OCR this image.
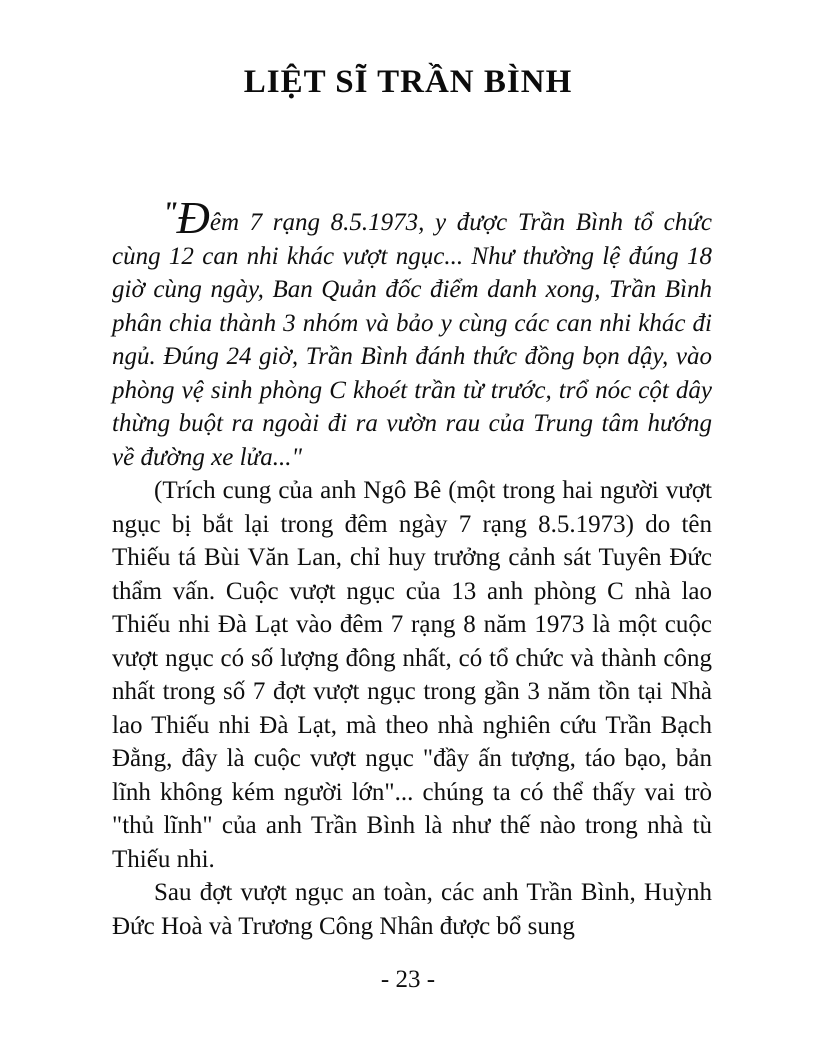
LIỆT SĨ TRẦN BÌNH

"Đêm 7 rạng 8.5.1973, y được Trần Bình tổ chức cùng 12 can nhi khác vượt ngục... Như thường lệ đúng 18 giờ cùng ngày, Ban Quản đốc điểm danh xong, Trần Bình phân chia thành 3 nhóm và bảo y cùng các can nhi khác đi ngủ. Đúng 24 giờ, Trần Bình đánh thức đồng bọn dậy, vào phòng vệ sinh phòng C khoét trần từ trước, trổ nóc cột dây thừng buột ra ngoài đi ra vườn rau của Trung tâm hướng về đường xe lửa..."

(Trích cung của anh Ngô Bê (một trong hai người vượt ngục bị bắt lại trong đêm ngày 7 rạng 8.5.1973) do tên Thiếu tá Bùi Văn Lan, chỉ huy trưởng cảnh sát Tuyên Đức thẩm vấn. Cuộc vượt ngục của 13 anh phòng C nhà lao Thiếu nhi Đà Lạt vào đêm 7 rạng 8 năm 1973 là một cuộc vượt ngục có số lượng đông nhất, có tổ chức và thành công nhất trong số 7 đợt vượt ngục trong gần 3 năm tồn tại Nhà lao Thiếu nhi Đà Lạt, mà theo nhà nghiên cứu Trần Bạch Đằng, đây là cuộc vượt ngục "đầy ấn tượng, táo bạo, bản lĩnh không kém người lớn"... chúng ta có thể thấy vai trò "thủ lĩnh" của anh Trần Bình là như thế nào trong nhà tù Thiếu nhi.

Sau đợt vượt ngục an toàn, các anh Trần Bình, Huỳnh Đức Hoà và Trương Công Nhân được bổ sung

- 23 -
